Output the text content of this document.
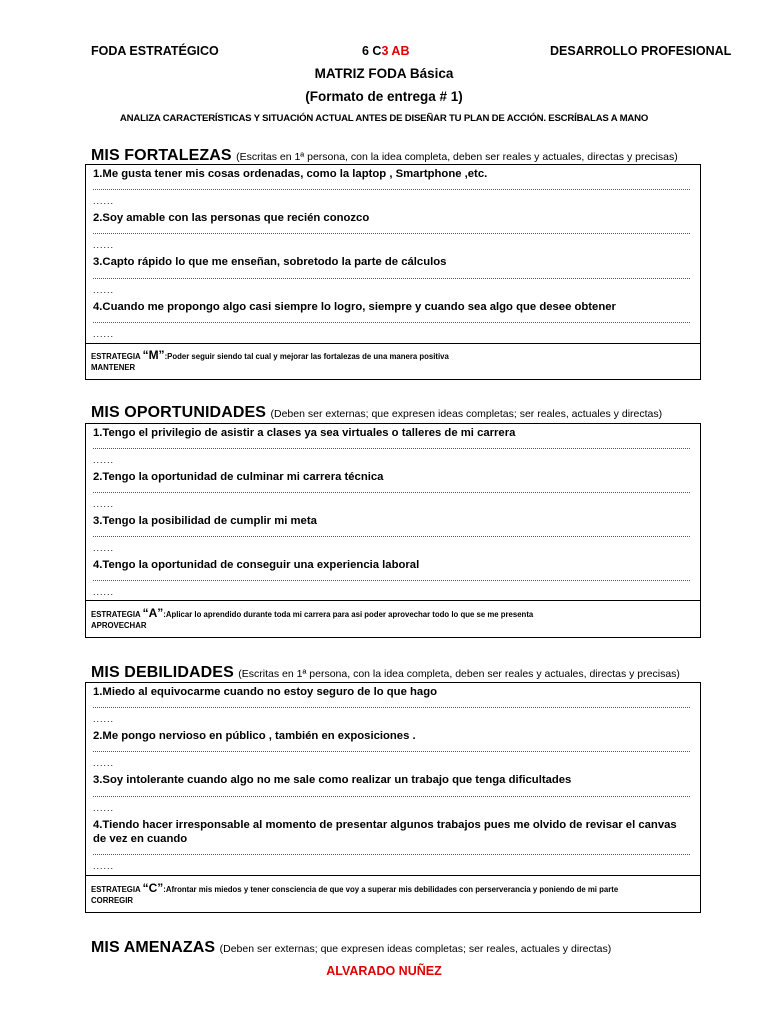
FODA ESTRATÉGICO	6 C3 AB	DESARROLLO PROFESIONAL
MATRIZ FODA Básica
(Formato de entrega # 1)
ANALIZA CARACTERÍSTICAS Y SITUACIÓN ACTUAL ANTES DE DISEÑAR TU PLAN DE ACCIÓN. ESCRÍBALAS A MANO
MIS FORTALEZAS (Escritas en 1ª persona, con la idea completa, deben ser reales y actuales, directas y precisas)
1.Me gusta tener mis cosas ordenadas, como la laptop , Smartphone ,etc.
......
2.Soy amable con las personas que recién conozco
......
3.Capto rápido lo que me enseñan, sobretodo la parte de cálculos
......
4.Cuando me propongo algo casi siempre lo logro, siempre y cuando sea algo que desee obtener
......
ESTRATEGIA “M”:Poder seguir siendo tal cual y mejorar las fortalezas de una manera positiva
MANTENER
MIS OPORTUNIDADES (Deben ser externas; que expresen ideas completas; ser reales, actuales y directas)
1.Tengo el privilegio de asistir a clases ya sea virtuales o talleres de mi carrera
......
2.Tengo la oportunidad de culminar mi carrera técnica
......
3.Tengo la posibilidad de cumplir mi meta
......
4.Tengo la oportunidad de conseguir una experiencia laboral
......
ESTRATEGIA “A”:Aplicar lo aprendido durante toda mi carrera para asi poder aprovechar todo lo que se me presenta
APROVECHAR
MIS DEBILIDADES (Escritas en 1ª persona, con la idea completa, deben ser reales y actuales, directas y precisas)
1.Miedo al equivocarme cuando no estoy seguro de lo que hago
......
2.Me pongo nervioso en público , también en exposiciones .
......
3.Soy intolerante cuando algo no me sale como realizar un trabajo que tenga dificultades
......
4.Tiendo hacer irresponsable al momento de presentar algunos trabajos pues me olvido de revisar el canvas de vez en cuando
......
ESTRATEGIA “C”:Afrontar mis miedos y tener consciencia de que voy a superar mis debilidades con perserverancia y poniendo de mi parte
CORREGIR
MIS AMENAZAS (Deben ser externas; que expresen ideas completas; ser reales, actuales y directas)
ALVARADO NUÑEZ
